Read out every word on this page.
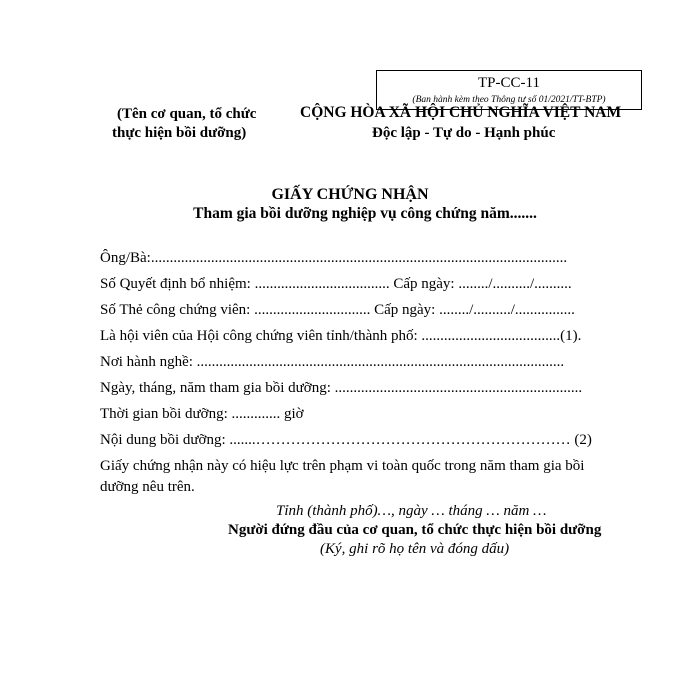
CỘNG HÒA XÃ HỘI CHỦ NGHĨA VIỆT NAM
Độc lập - Tự do - Hạnh phúc
TP-CC-11
(Ban hành kèm theo Thông tư số 01/2021/TT-BTP)
(Tên cơ quan, tổ chức
thực hiện bồi dưỡng)
GIẤY CHỨNG NHẬN
Tham gia bồi dưỡng nghiệp vụ công chứng năm.......
Ông/Bà:...............................................................................................................
Số Quyết định bổ nhiệm: .................................... Cấp ngày: ......../........../..........
Số Thẻ công chứng viên: ............................... Cấp ngày: ......../........../................
Là hội viên của Hội công chứng viên tỉnh/thành phố: .....................................(1).
Nơi hành nghề: ..................................................................................................
Ngày, tháng, năm tham gia bồi dưỡng: ..................................................................
Thời gian bồi dưỡng: ............. giờ
Nội dung bồi dưỡng: .......……………………………………………………… (2)
Giấy chứng nhận này có hiệu lực trên phạm vi toàn quốc trong năm tham gia bồi
dưỡng nêu trên.
Tỉnh (thành phố)…, ngày … tháng … năm …
Người đứng đầu của cơ quan, tổ chức thực hiện bồi dưỡng
(Ký, ghi rõ họ tên và đóng dấu)
